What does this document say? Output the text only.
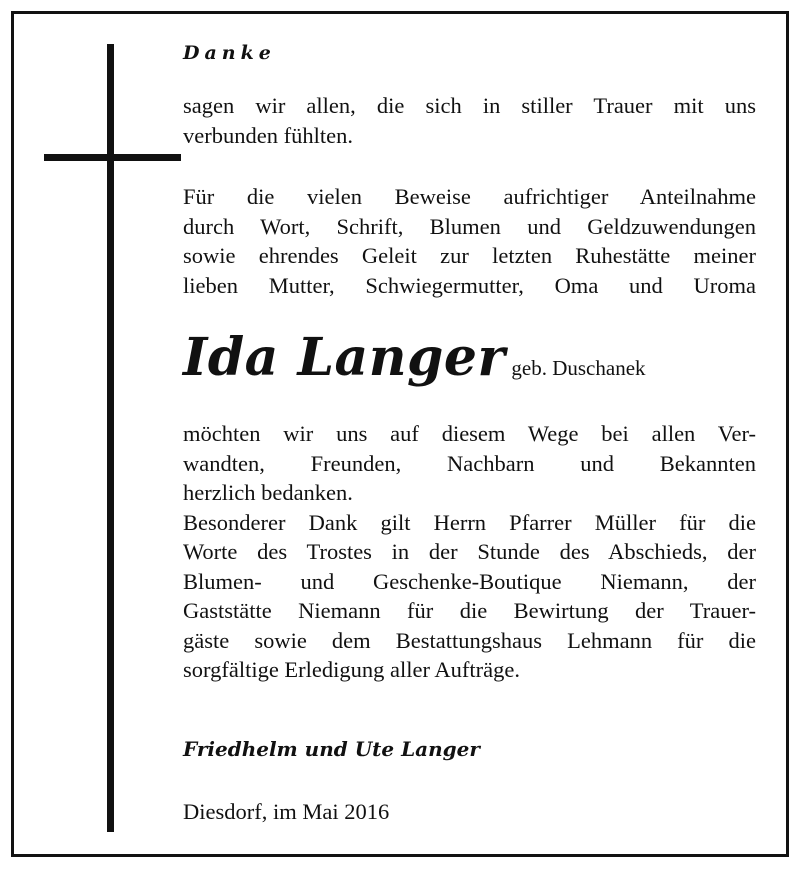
Danke
sagen wir allen, die sich in stiller Trauer mit uns
verbunden fühlten.
Für die vielen Beweise aufrichtiger Anteilnahme
durch Wort, Schrift, Blumen und Geldzuwendungen
sowie ehrendes Geleit zur letzten Ruhestätte meiner
lieben Mutter, Schwiegermutter, Oma und Uroma
Ida Langer geb. Duschanek
möchten wir uns auf diesem Wege bei allen Ver-
wandten, Freunden, Nachbarn und Bekannten
herzlich bedanken.
Besonderer Dank gilt Herrn Pfarrer Müller für die
Worte des Trostes in der Stunde des Abschieds, der
Blumen- und Geschenke-Boutique Niemann, der
Gaststätte Niemann für die Bewirtung der Trauer-
gäste sowie dem Bestattungshaus Lehmann für die
sorgfältige Erledigung aller Aufträge.
Friedhelm und Ute Langer
Diesdorf, im Mai 2016
